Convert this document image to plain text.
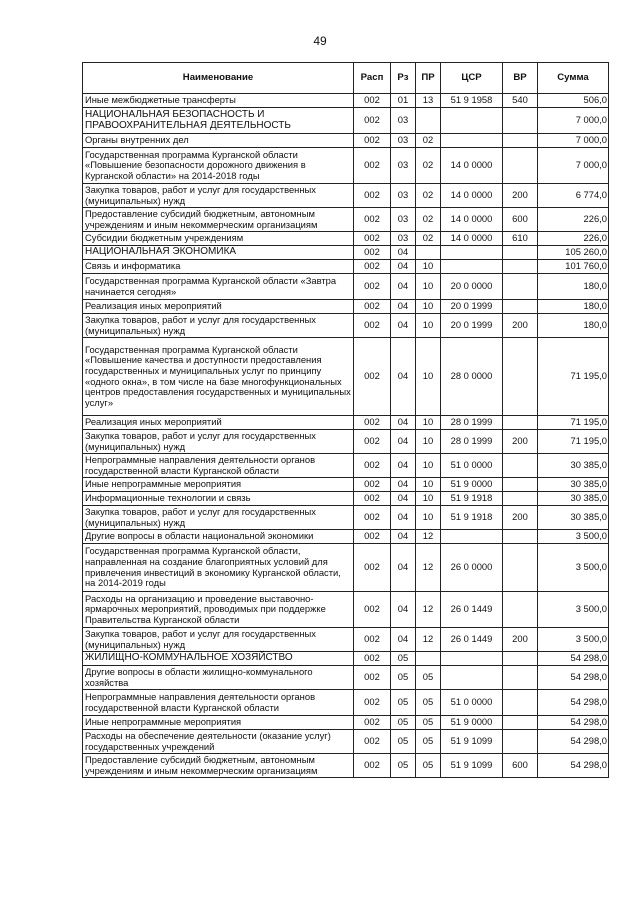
49
Наименование	Расп	Рз	ПР	ЦСР	ВР	Сумма
Иные межбюджетные трансферты	002	01	13	51 9 1958	540	506,0
НАЦИОНАЛЬНАЯ БЕЗОПАСНОСТЬ И ПРАВООХРАНИТЕЛЬНАЯ ДЕЯТЕЛЬНОСТЬ	002	03				7 000,0
Органы внутренних дел	002	03	02			7 000,0
Государственная программа Курганской области «Повышение безопасности дорожного движения в Курганской области» на 2014-2018 годы	002	03	02	14 0 0000		7 000,0
Закупка товаров, работ и услуг для государственных (муниципальных) нужд	002	03	02	14 0 0000	200	6 774,0
Предоставление субсидий бюджетным, автономным учреждениям и иным некоммерческим организациям	002	03	02	14 0 0000	600	226,0
Субсидии бюджетным учреждениям	002	03	02	14 0 0000	610	226,0
НАЦИОНАЛЬНАЯ ЭКОНОМИКА	002	04				105 260,0
Связь и информатика	002	04	10			101 760,0
Государственная программа Курганской области «Завтра начинается сегодня»	002	04	10	20 0 0000		180,0
Реализация иных мероприятий	002	04	10	20 0 1999		180,0
Закупка товаров, работ и услуг для государственных (муниципальных) нужд	002	04	10	20 0 1999	200	180,0
Государственная программа Курганской области «Повышение качества и доступности предоставления государственных и муниципальных услуг по принципу «одного окна», в том числе на базе многофункциональных центров предоставления государственных и муниципальных услуг»	002	04	10	28 0 0000		71 195,0
Реализация иных мероприятий	002	04	10	28 0 1999		71 195,0
Закупка товаров, работ и услуг для государственных (муниципальных) нужд	002	04	10	28 0 1999	200	71 195,0
Непрограммные направления деятельности органов государственной власти Курганской области	002	04	10	51 0 0000		30 385,0
Иные непрограммные мероприятия	002	04	10	51 9 0000		30 385,0
Информационные технологии и связь	002	04	10	51 9 1918		30 385,0
Закупка товаров, работ и услуг для государственных (муниципальных) нужд	002	04	10	51 9 1918	200	30 385,0
Другие вопросы в области национальной экономики	002	04	12			3 500,0
Государственная программа Курганской области, направленная на создание благоприятных условий для привлечения инвестиций в экономику Курганской области, на 2014-2019 годы	002	04	12	26 0 0000		3 500,0
Расходы на организацию и проведение выставочно-ярмарочных мероприятий, проводимых при поддержке Правительства Курганской области	002	04	12	26 0 1449		3 500,0
Закупка товаров, работ и услуг для государственных (муниципальных) нужд	002	04	12	26 0 1449	200	3 500,0
ЖИЛИЩНО-КОММУНАЛЬНОЕ ХОЗЯЙСТВО	002	05				54 298,0
Другие вопросы в области жилищно-коммунального хозяйства	002	05	05			54 298,0
Непрограммные направления деятельности органов государственной власти Курганской области	002	05	05	51 0 0000		54 298,0
Иные непрограммные мероприятия	002	05	05	51 9 0000		54 298,0
Расходы на обеспечение деятельности (оказание услуг) государственных учреждений	002	05	05	51 9 1099		54 298,0
Предоставление субсидий бюджетным, автономным учреждениям и иным некоммерческим организациям	002	05	05	51 9 1099	600	54 298,0
